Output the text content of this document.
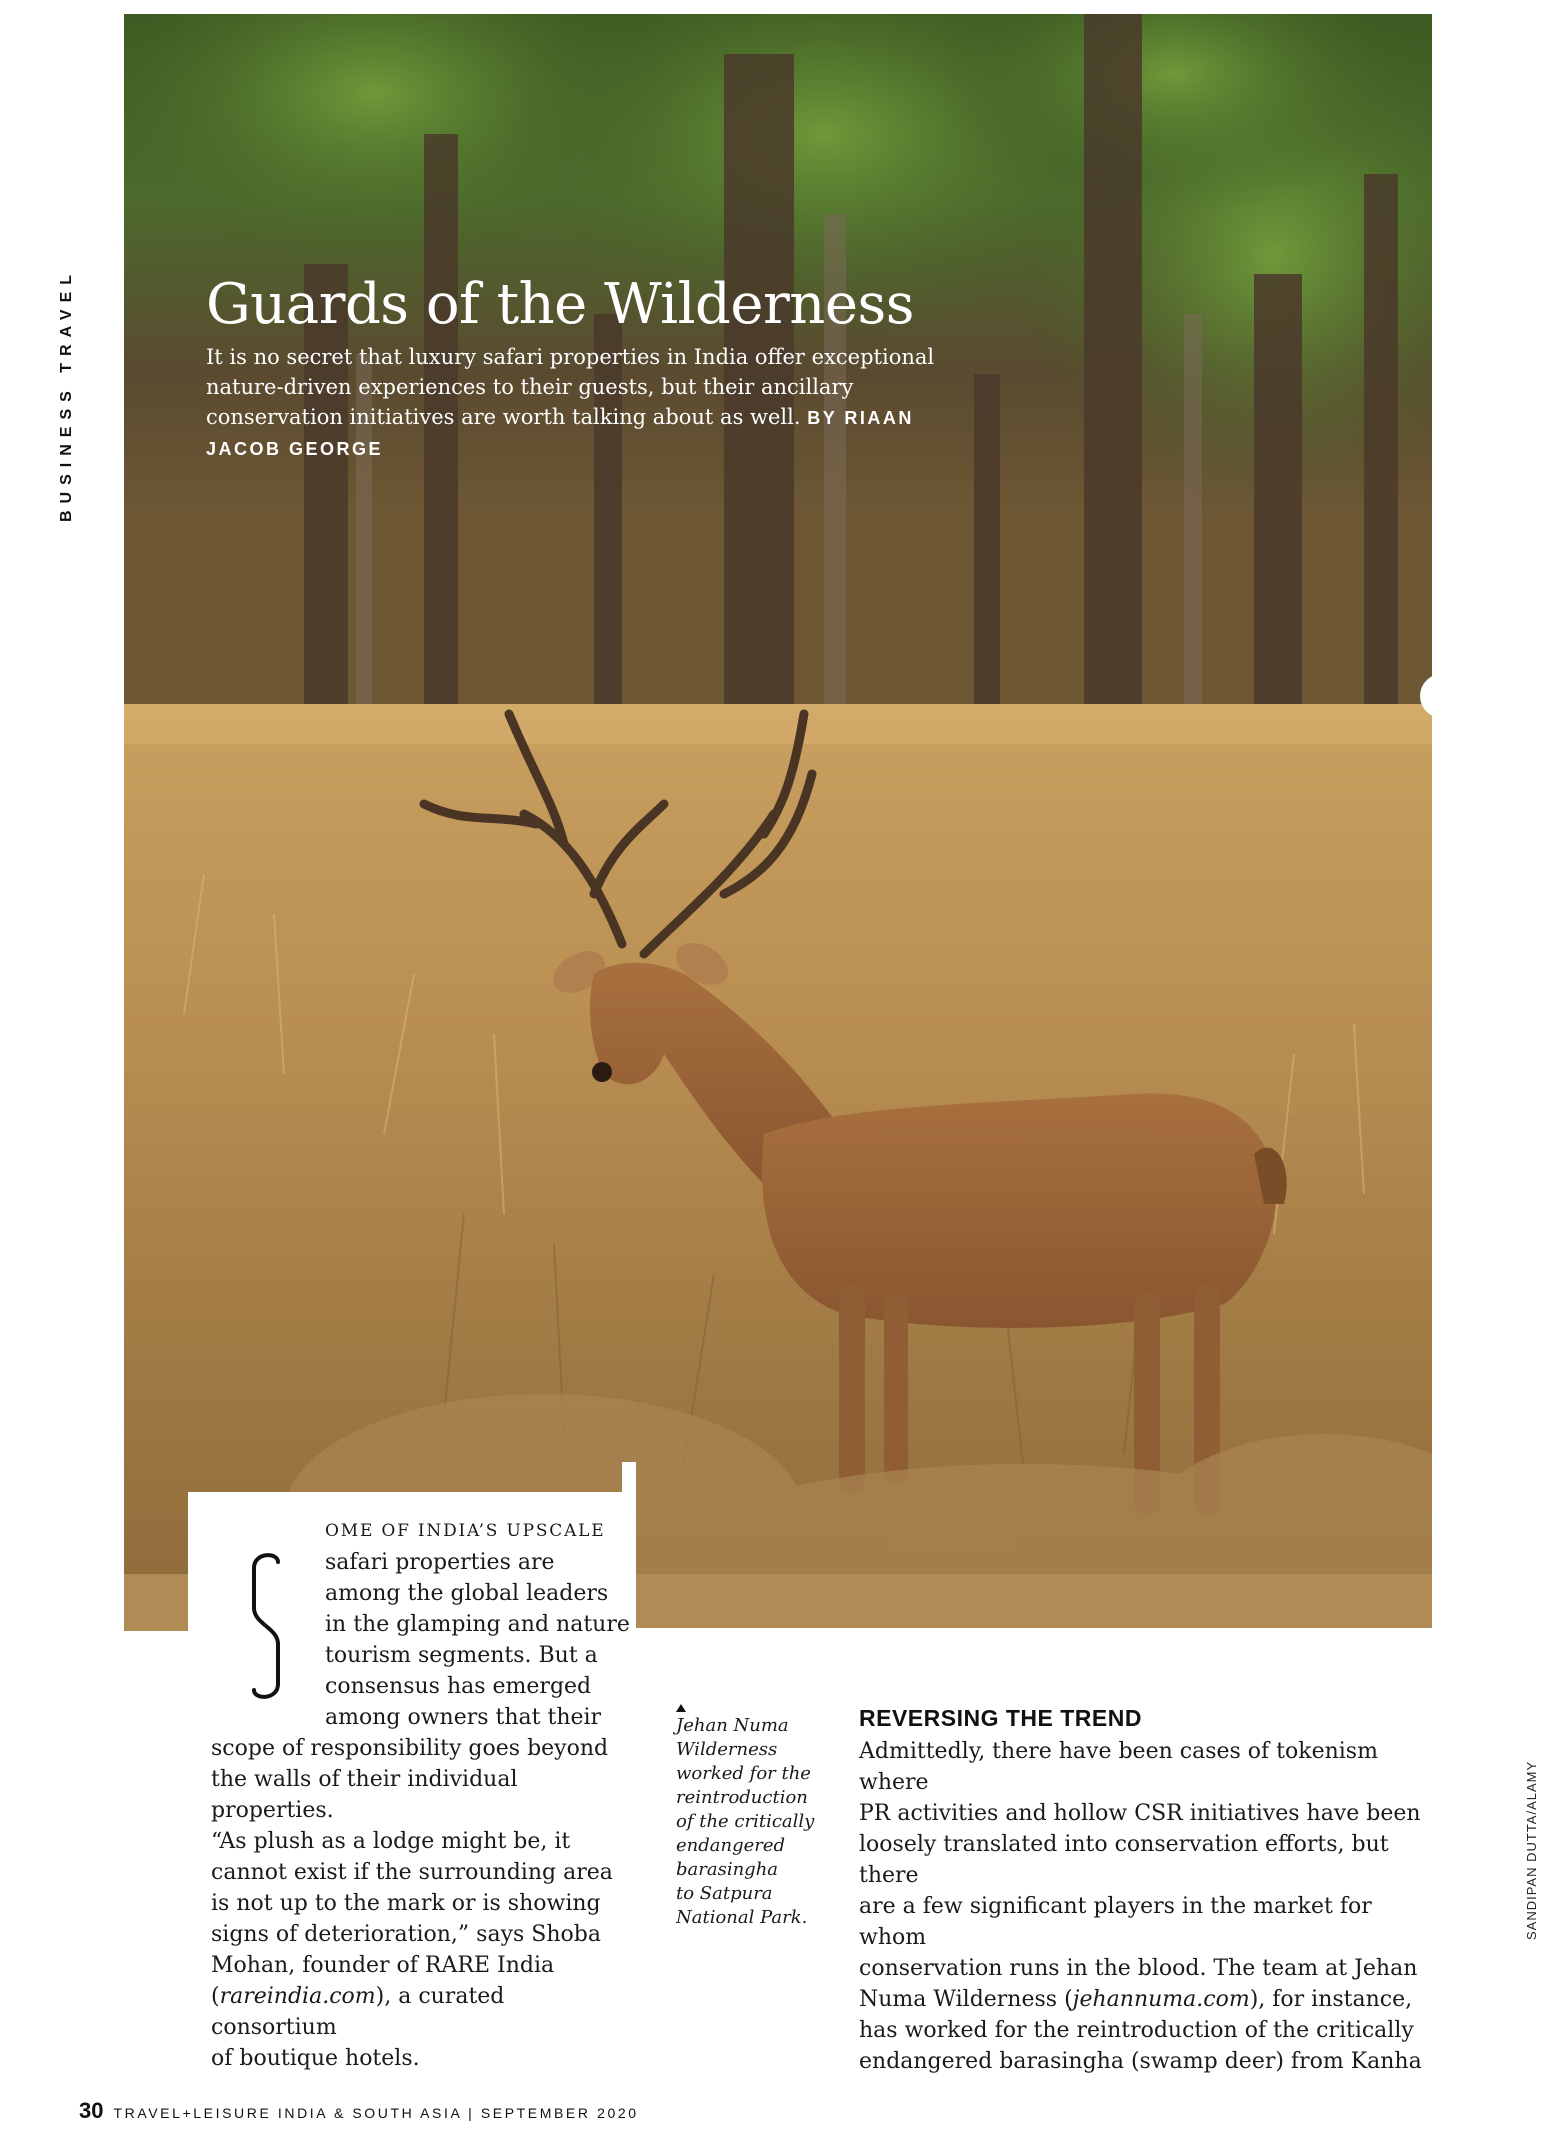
BUSINESS TRAVEL Guards of the Wilderness

It is no secret that luxury safari properties in India offer exceptional nature-driven experiences to their guests, but their ancillary conservation initiatives are worth talking about as well. BY RIAAN JACOB GEORGE

OME OF INDIA’S UPSCALE
safari properties are
among the global leaders
in the glamping and nature
tourism segments. But a
consensus has emerged
among owners that their

scope of responsibility goes beyond

the walls of their individual properties.

“As plush as a lodge might be, it

cannot exist if the surrounding area

is not up to the mark or is showing

signs of deterioration,” says Shoba

Mohan, founder of RARE India

(rareindia.com), a curated consortium

of boutique hotels.

Jehan Numa
Wilderness
worked for the
reintroduction
of the critically
endangered
barasingha
to Satpura
National Park.
REVERSING THE TREND

Admittedly, there have been cases of tokenism where

PR activities and hollow CSR initiatives have been

loosely translated into conservation efforts, but there

are a few significant players in the market for whom

conservation runs in the blood. The team at Jehan

Numa Wilderness (jehannuma.com), for instance,

has worked for the reintroduction of the critically

endangered barasingha (swamp deer) from Kanha

SANDIPAN DUTTA/ALAMY
30 TRAVEL+LEISURE INDIA & SOUTH ASIA | SEPTEMBER 2020
